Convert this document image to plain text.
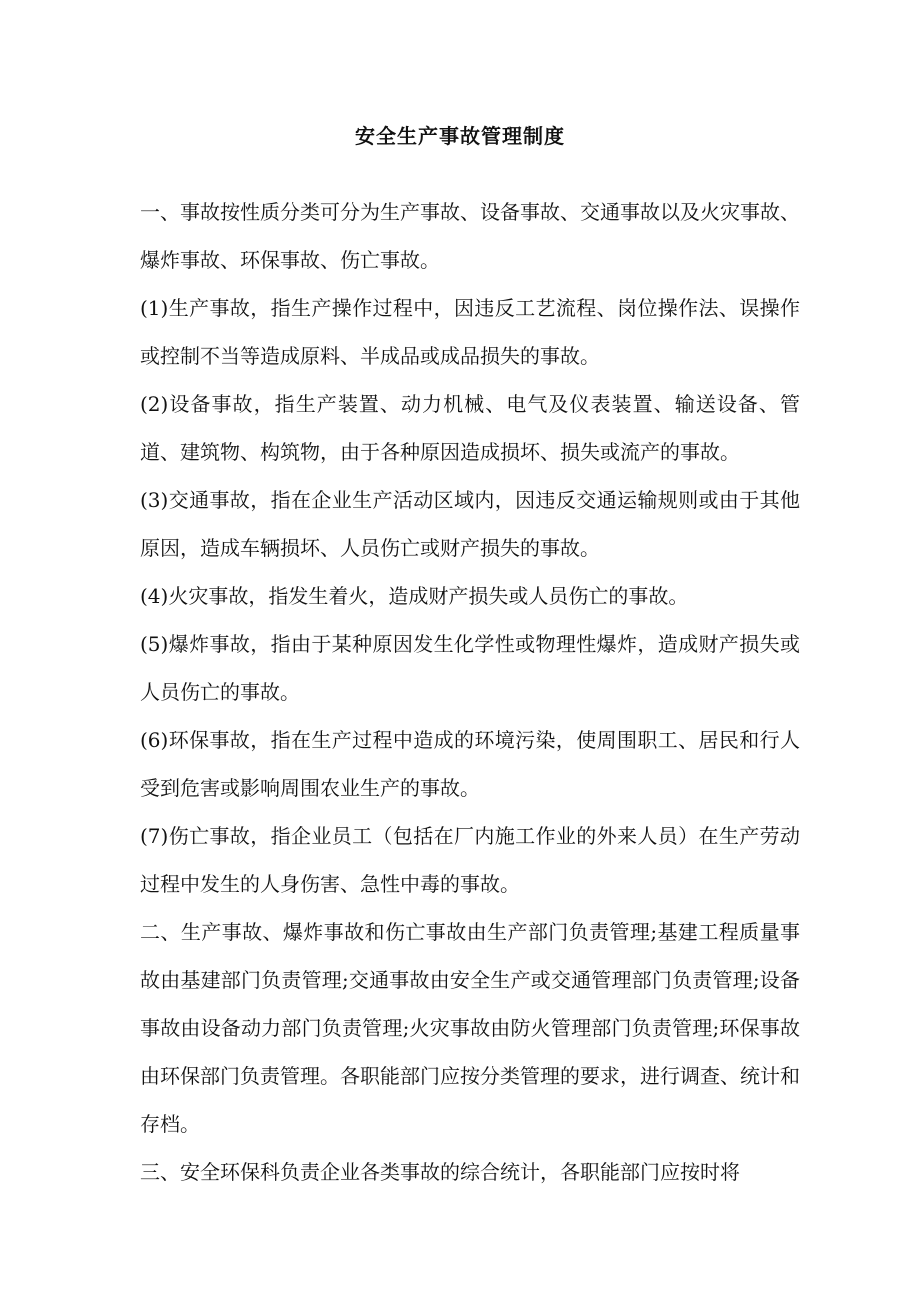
安全生产事故管理制度

一、事故按性质分类可分为生产事故、设备事故、交通事故以及火灾事故、爆炸事故、环保事故、伤亡事故。

(1)生产事故，指生产操作过程中，因违反工艺流程、岗位操作法、误操作或控制不当等造成原料、半成品或成品损失的事故。

(2)设备事故，指生产装置、动力机械、电气及仪表装置、输送设备、管道、建筑物、构筑物，由于各种原因造成损坏、损失或流产的事故。

(3)交通事故，指在企业生产活动区域内，因违反交通运输规则或由于其他原因，造成车辆损坏、人员伤亡或财产损失的事故。

(4)火灾事故，指发生着火，造成财产损失或人员伤亡的事故。

(5)爆炸事故，指由于某种原因发生化学性或物理性爆炸，造成财产损失或人员伤亡的事故。

(6)环保事故，指在生产过程中造成的环境污染，使周围职工、居民和行人受到危害或影响周围农业生产的事故。

(7)伤亡事故，指企业员工（包括在厂内施工作业的外来人员）在生产劳动过程中发生的人身伤害、急性中毒的事故。

二、生产事故、爆炸事故和伤亡事故由生产部门负责管理;基建工程质量事故由基建部门负责管理;交通事故由安全生产或交通管理部门负责管理;设备事故由设备动力部门负责管理;火灾事故由防火管理部门负责管理;环保事故由环保部门负责管理。各职能部门应按分类管理的要求，进行调查、统计和存档。

三、安全环保科负责企业各类事故的综合统计，各职能部门应按时将
